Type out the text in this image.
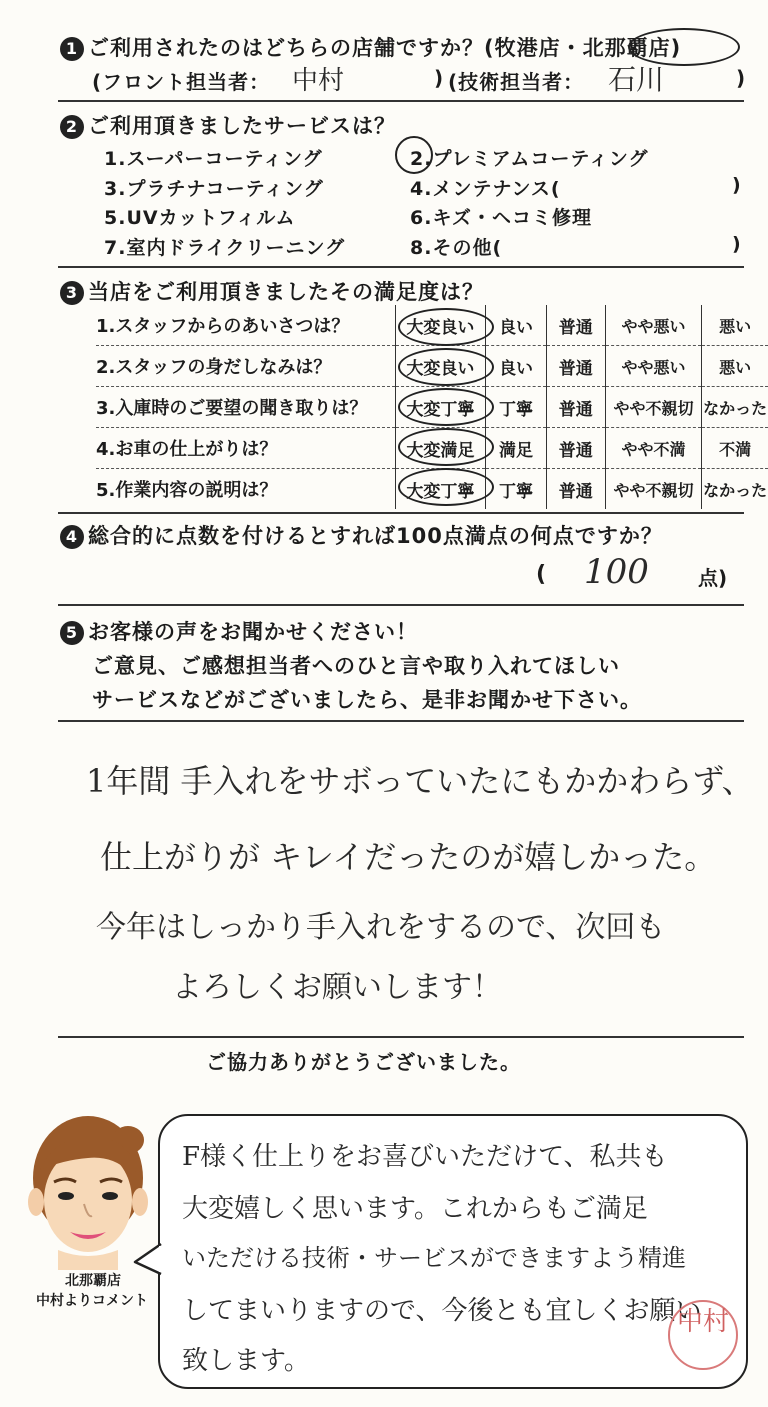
1 ご利用されたのはどちらの店舗ですか？(牧港店・北那覇店)
(フロント担当者： 中村	) (技術担当者： 石川	)
2 ご利用頂きましたサービスは？
1.スーパーコーティング	2.プレミアムコーティング
3.プラチナコーティング	4.メンテナンス(	)
5.UVカットフィルム	6.キズ・ヘコミ修理
7.室内ドライクリーニング	8.その他(	)
3 当店をご利用頂きましたその満足度は？
1.スタッフからのあいさつは？	大変良い	良い	普通	やや悪い	悪い
2.スタッフの身だしなみは？	大変良い	良い	普通	やや悪い	悪い
3.入庫時のご要望の聞き取りは？	大変丁寧	丁寧	普通	やや不親切	なかった
4.お車の仕上がりは？	大変満足	満足	普通	やや不満	不満
5.作業内容の説明は？	大変丁寧	丁寧	普通	やや不親切	なかった
4 総合的に点数を付けるとすれば100点満点の何点ですか？
( 100 点)
5 お客様の声をお聞かせください！
ご意見、ご感想担当者へのひと言や取り入れてほしい
サービスなどがございましたら、是非お聞かせ下さい。
1年間 手入れをサボっていたにもかかわらず、
仕上がりが キレイだったのが嬉しかった。
今年はしっかり手入れをするので、次回も
よろしくお願いします！
ご協力ありがとうございました。
北那覇店
中村よりコメント
F様く仕上りをお喜びいただけて、私共も
大変嬉しく思います。これからもご満足
いただける技術・サービスができますよう精進
してまいりますので、今後とも宜しくお願い
致します。
中村
